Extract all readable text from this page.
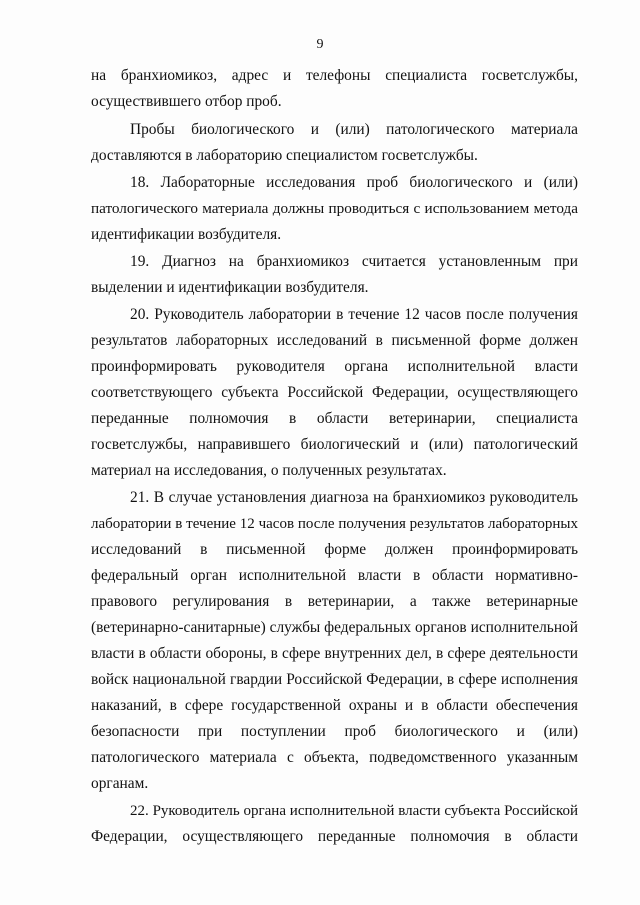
9
на бранхиомикоз, адрес и телефоны специалиста госветслужбы,
осуществившего отбор проб.
Пробы биологического и (или) патологического материала
доставляются в лабораторию специалистом госветслужбы.
18. Лабораторные исследования проб биологического и (или)
патологического материала должны проводиться с использованием метода
идентификации возбудителя.
19. Диагноз на бранхиомикоз считается установленным при
выделении и идентификации возбудителя.
20. Руководитель лаборатории в течение 12 часов после получения
результатов лабораторных исследований в письменной форме должен
проинформировать руководителя органа исполнительной власти
соответствующего субъекта Российской Федерации, осуществляющего
переданные полномочия в области ветеринарии, специалиста
госветслужбы, направившего биологический и (или) патологический
материал на исследования, о полученных результатах.
21. В случае установления диагноза на бранхиомикоз руководитель
лаборатории в течение 12 часов после получения результатов лабораторных
исследований в письменной форме должен проинформировать
федеральный орган исполнительной власти в области нормативно-
правового регулирования в ветеринарии, а также ветеринарные
(ветеринарно-санитарные) службы федеральных органов исполнительной
власти в области обороны, в сфере внутренних дел, в сфере деятельности
войск национальной гвардии Российской Федерации, в сфере исполнения
наказаний, в сфере государственной охраны и в области обеспечения
безопасности при поступлении проб биологического и (или)
патологического материала с объекта, подведомственного указанным
органам.
22. Руководитель органа исполнительной власти субъекта Российской
Федерации, осуществляющего переданные полномочия в области
